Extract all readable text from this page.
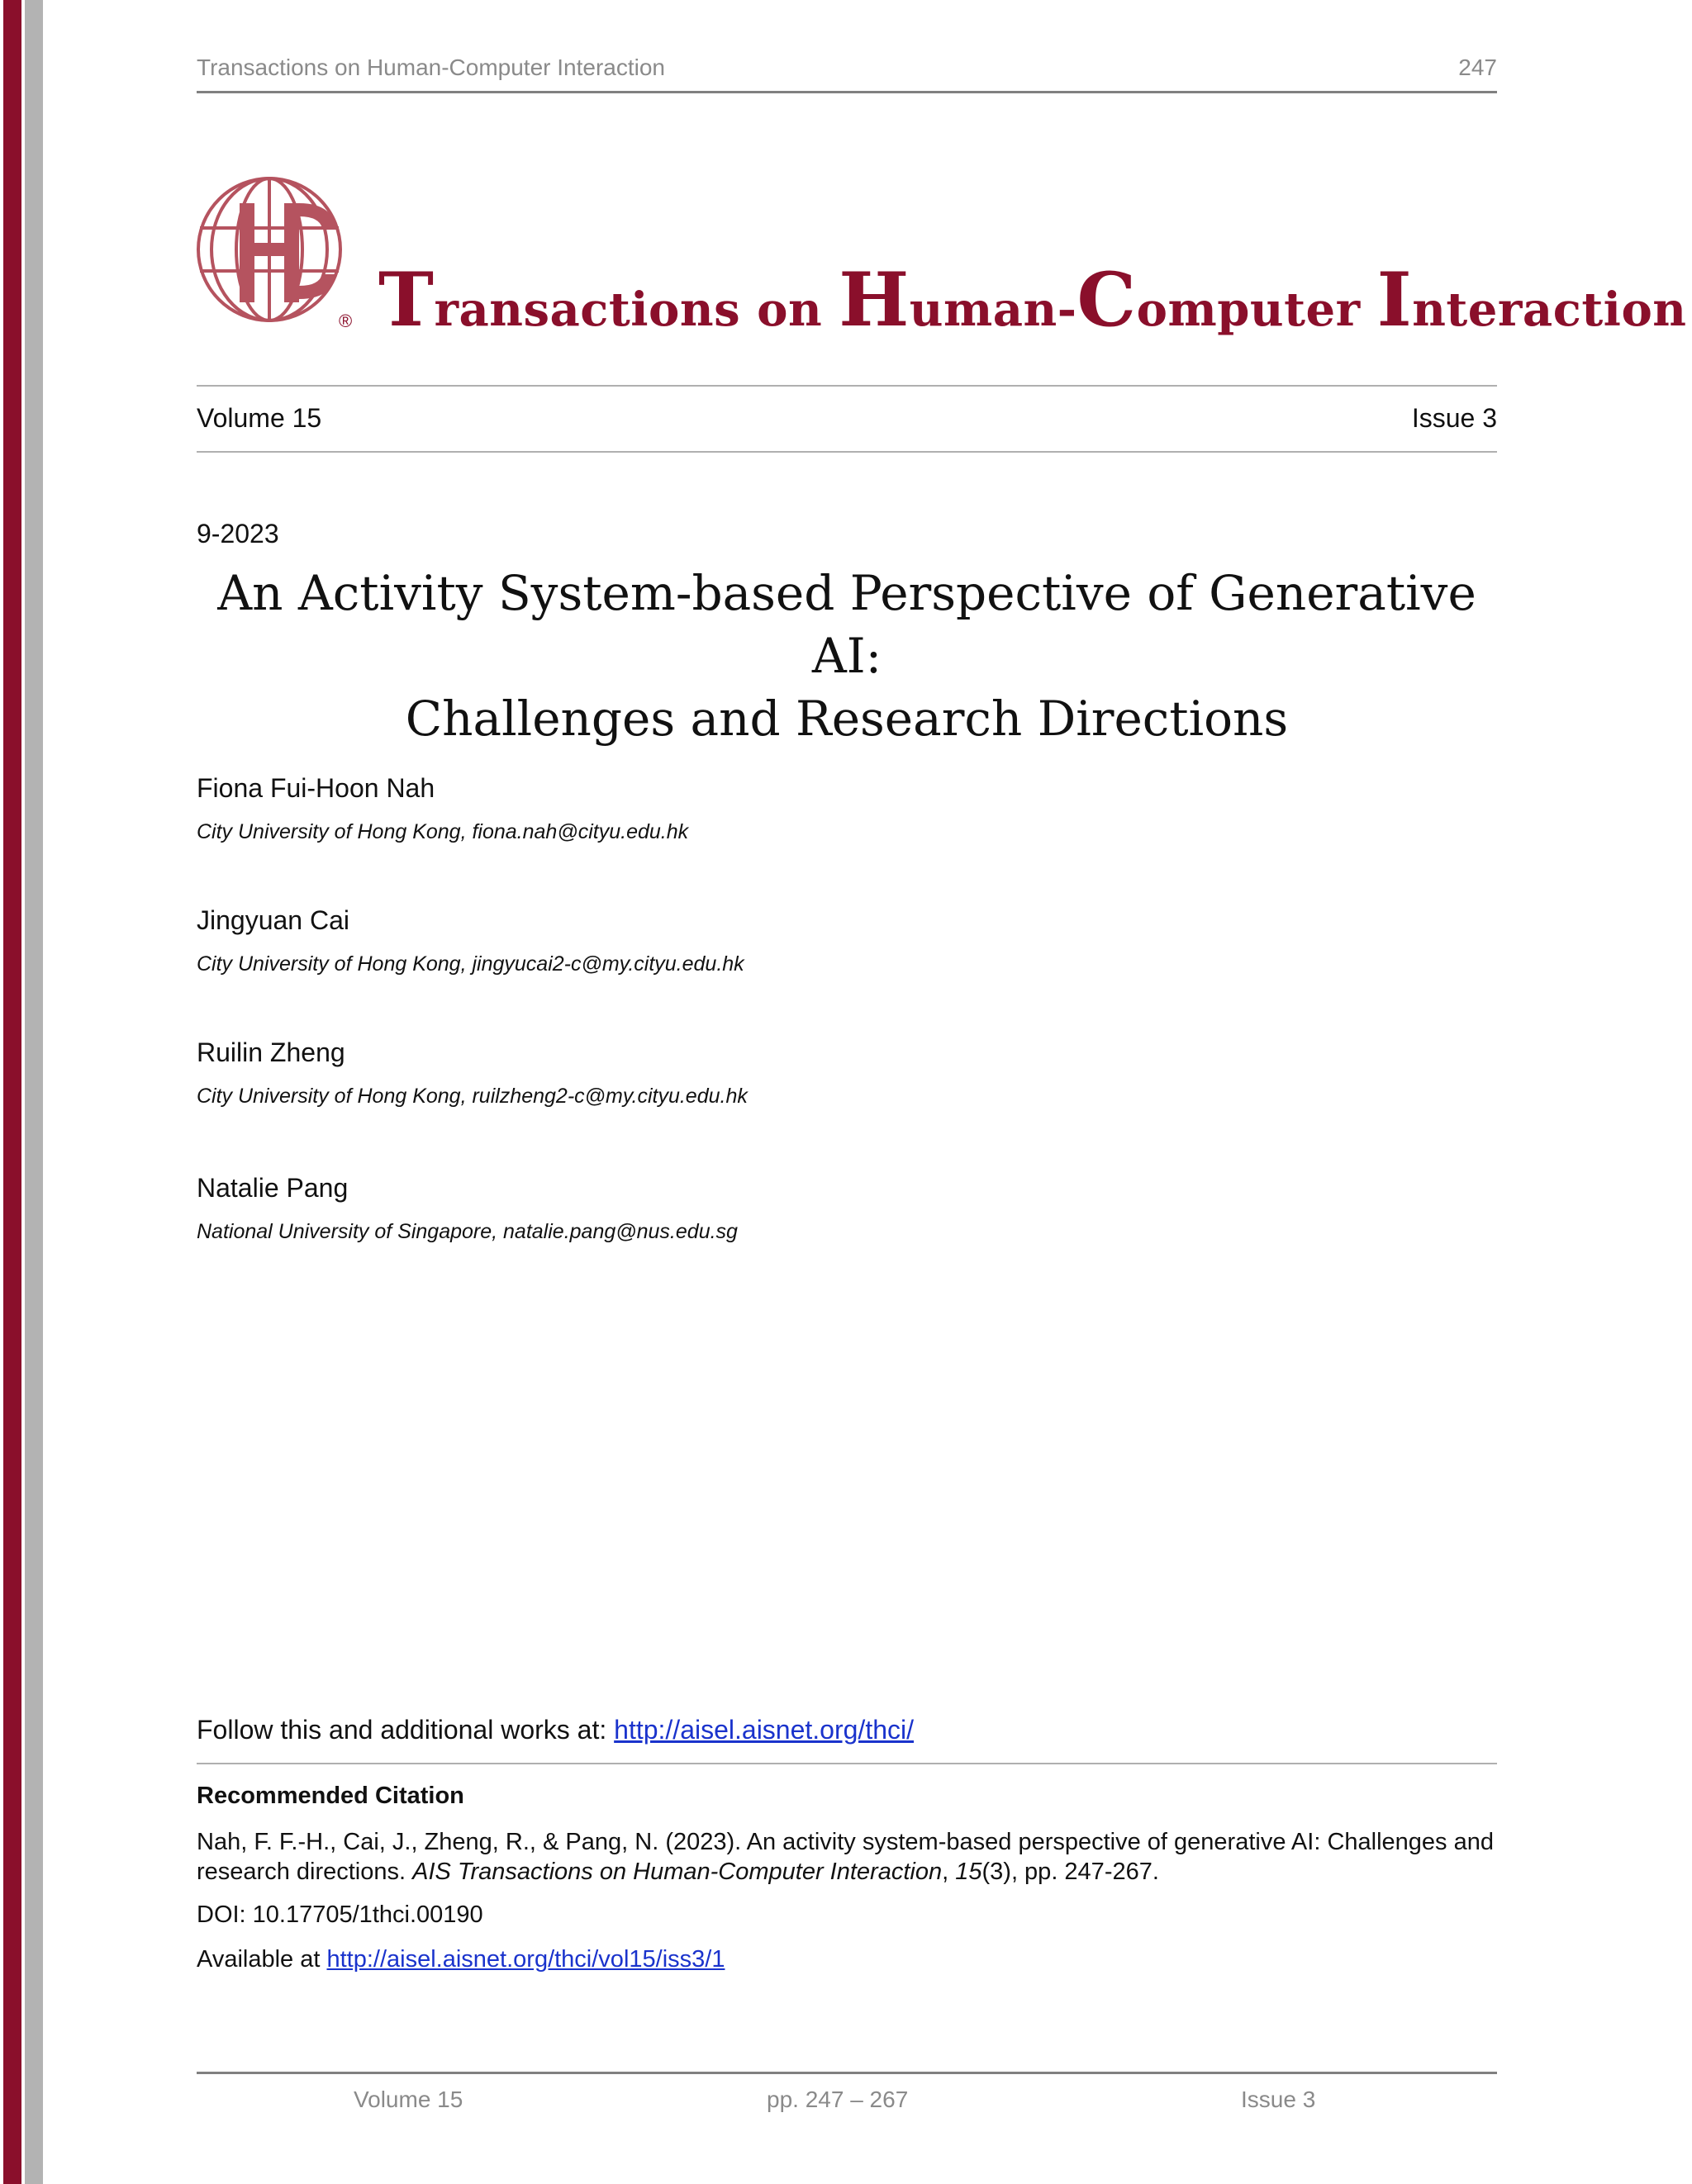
Transactions on Human-Computer Interaction	247
® Transactions on Human-Computer Interaction
Volume 15	Issue 3
9-2023
An Activity System-based Perspective of Generative AI:
Challenges and Research Directions
Fiona Fui-Hoon Nah
City University of Hong Kong, fiona.nah@cityu.edu.hk
Jingyuan Cai
City University of Hong Kong, jingyucai2-c@my.cityu.edu.hk
Ruilin Zheng
City University of Hong Kong, ruilzheng2-c@my.cityu.edu.hk
Natalie Pang
National University of Singapore, natalie.pang@nus.edu.sg
Follow this and additional works at: http://aisel.aisnet.org/thci/
Recommended Citation
Nah, F. F.-H., Cai, J., Zheng, R., & Pang, N. (2023). An activity system-based perspective of generative AI: Challenges and research directions. AIS Transactions on Human-Computer Interaction, 15(3), pp. 247-267.
DOI: 10.17705/1thci.00190
Available at http://aisel.aisnet.org/thci/vol15/iss3/1
Volume 15	pp. 247 – 267	Issue 3
